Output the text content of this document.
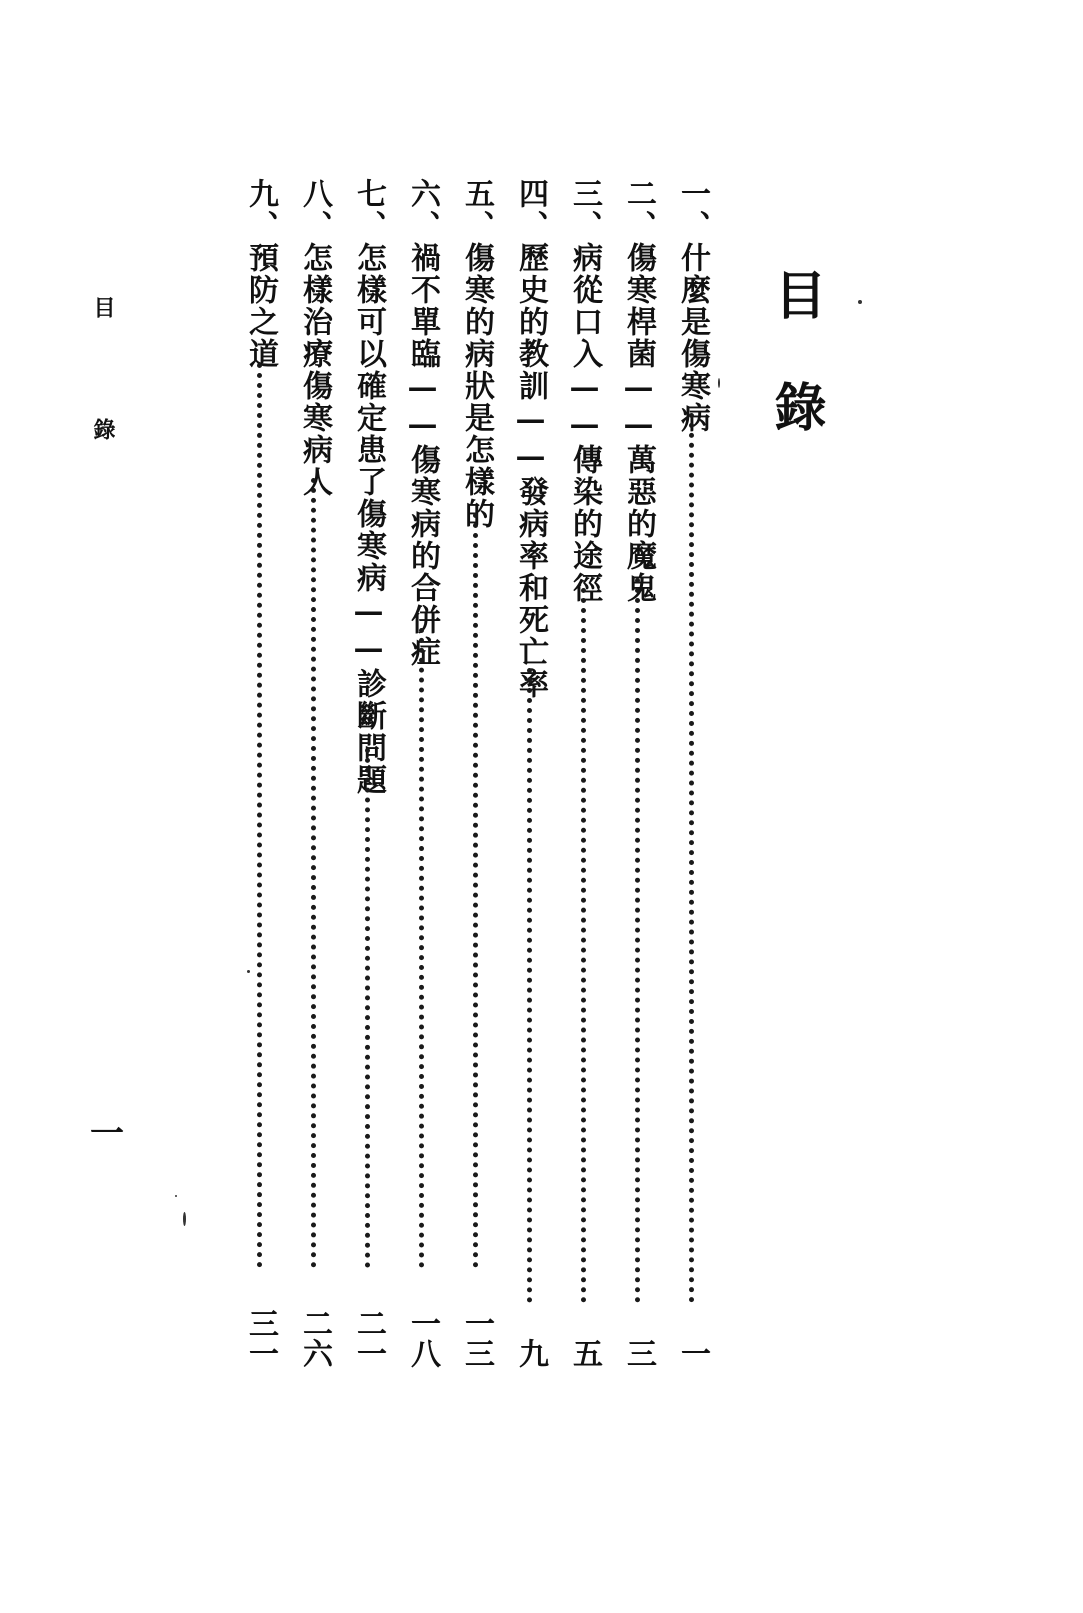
目錄
一、什麼是傷寒病
一
二、傷寒桿菌——萬惡的魔鬼
三
三、病從口入——傳染的途徑
五
四、歷史的教訓——發病率和死亡率
九
五、傷寒的病狀是怎樣的
一三
六、禍不單臨——傷寒病的合併症
一八
七、怎樣可以確定患了傷寒病——診斷問題
二一
八、怎樣治療傷寒病人
二六
九、預防之道
三一
目錄
一
